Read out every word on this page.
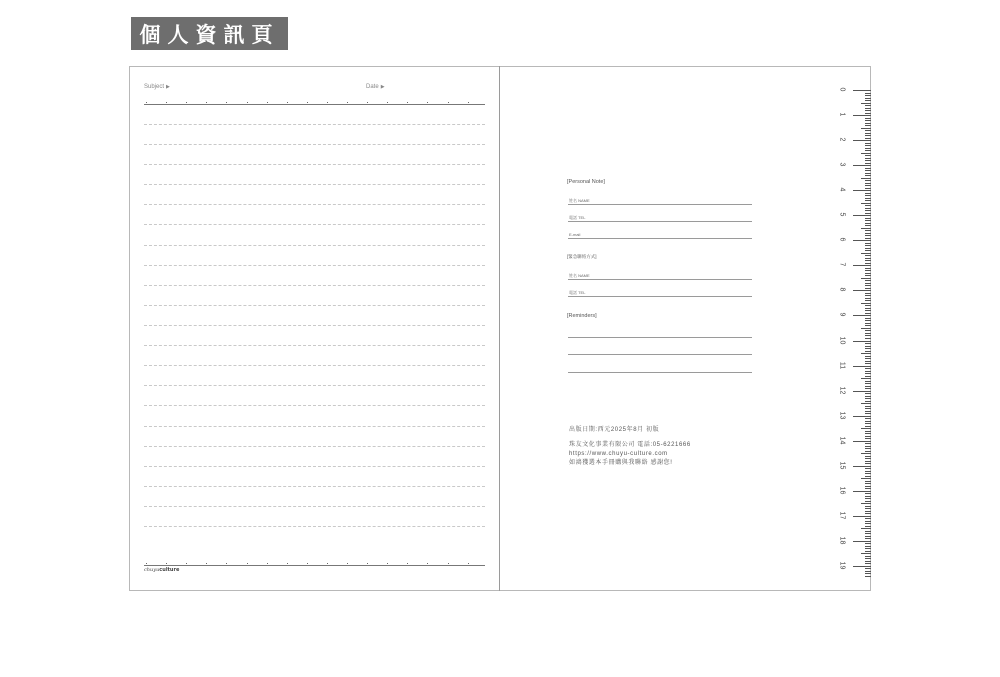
個人資訊頁
Subject ▶	Date ▶
chuyuculture
[Personal Note]
姓名 NAME
電話 TEL
E-mail
[緊急聯絡方式]
姓名 NAME
電話 TEL
[Reminders]
出版日期:西元2025年8月 初版
珠友文化事業有限公司 電話:05-6221666
https://www.chuyu-culture.com
如鴻獲選本手冊購與我聯絡 感謝您!
0
1
2
3
4
5
6
7
8
9
10
11
12
13
14
15
16
17
18
19
